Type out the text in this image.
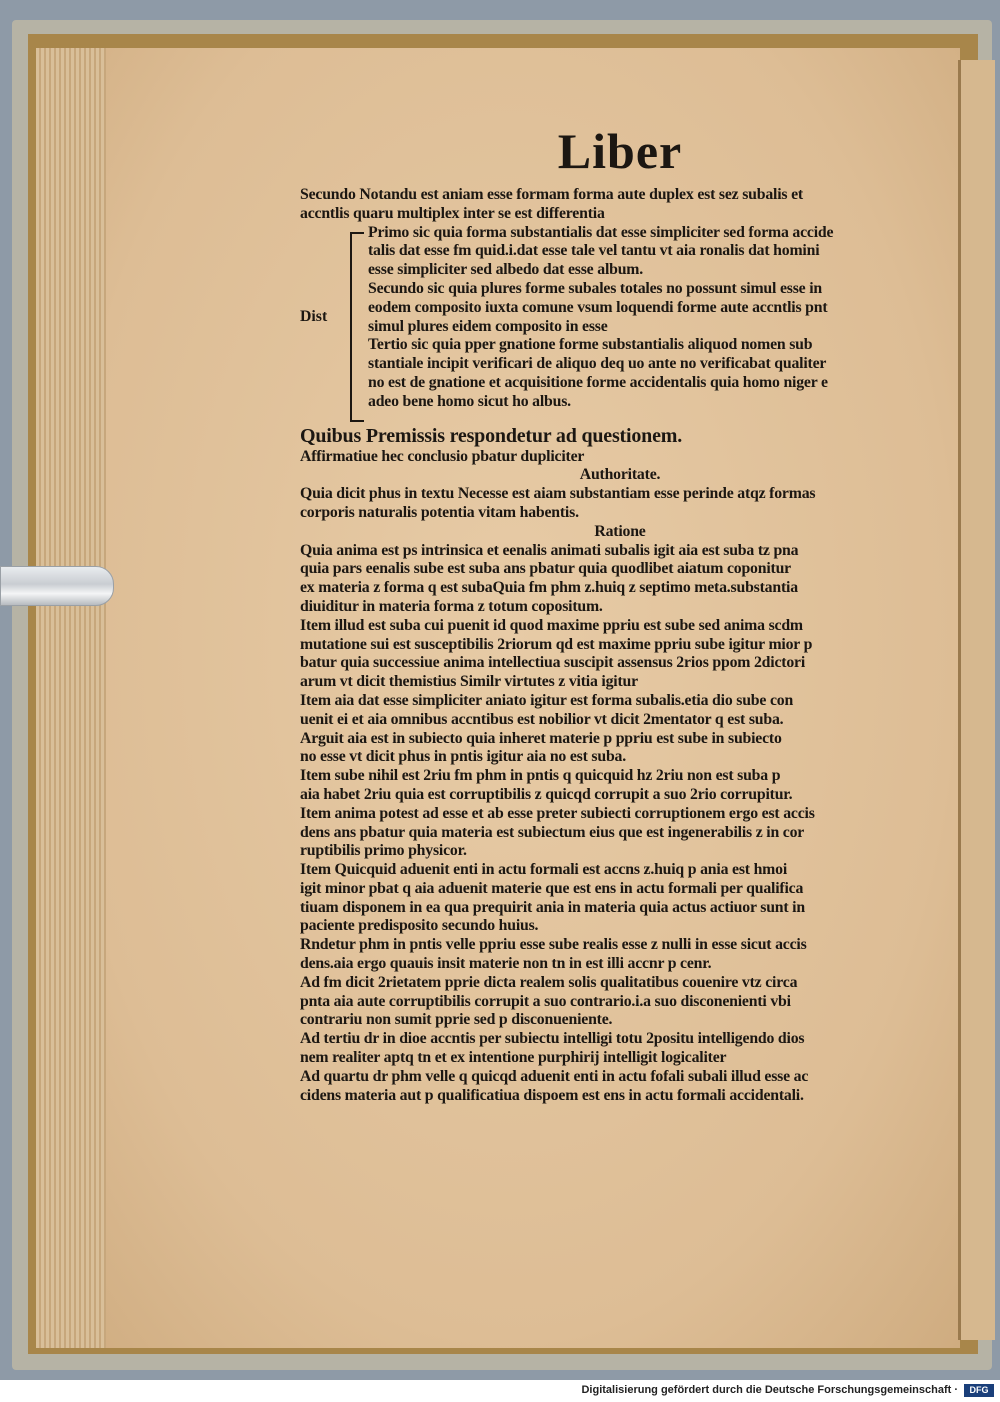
Liber
Dist
Secundo Notandu est aniam esse formam forma aute duplex est sez subalis et
accntlis quaru multiplex inter se est differentia
Primo sic quia forma substantialis dat esse simpliciter sed forma accide
talis dat esse fm quid.i.dat esse tale vel tantu vt aia ronalis dat homini
esse simpliciter sed albedo dat esse album.
Secundo sic quia plures forme subales totales no possunt simul esse in
eodem composito iuxta comune vsum loquendi forme aute accntlis pnt
simul plures eidem composito in esse
Tertio sic quia pper gnatione forme substantialis aliquod nomen sub
stantiale incipit verificari de aliquo deq uo ante no verificabat qualiter
no est de gnatione et acquisitione forme accidentalis quia homo niger e
adeo bene homo sicut ho albus.
Quibus Premissis respondetur ad questionem.
Affirmatiue hec conclusio pbatur dupliciter
Authoritate.
Quia dicit phus in textu Necesse est aiam substantiam esse perinde atqz formas
corporis naturalis potentia vitam habentis.
Ratione
Quia anima est ps intrinsica et eenalis animati subalis igit aia est suba tz pna
quia pars eenalis sube est suba ans pbatur quia quodlibet aiatum coponitur
ex materia z forma q est subaQuia fm phm z.huiq z septimo meta.substantia
diuiditur in materia forma z totum copositum.
Item illud est suba cui puenit id quod maxime ppriu est sube sed anima scdm
mutatione sui est susceptibilis 2riorum qd est maxime ppriu sube igitur mior p
batur quia successiue anima intellectiua suscipit assensus 2rios ppom 2dictori
arum vt dicit themistius Similr virtutes z vitia igitur
Item aia dat esse simpliciter aniato igitur est forma subalis.etia dio sube con
uenit ei et aia omnibus accntibus est nobilior vt dicit 2mentator q est suba.
Arguit aia est in subiecto quia inheret materie p ppriu est sube in subiecto
no esse vt dicit phus in pntis igitur aia no est suba.
Item sube nihil est 2riu fm phm in pntis q quicquid hz 2riu non est suba p
aia habet 2riu quia est corruptibilis z quicqd corrupit a suo 2rio corrupitur.
Item anima potest ad esse et ab esse preter subiecti corruptionem ergo est accis
dens ans pbatur quia materia est subiectum eius que est ingenerabilis z in cor
ruptibilis primo physicor.
Item Quicquid aduenit enti in actu formali est accns z.huiq p ania est hmoi
igit minor pbat q aia aduenit materie que est ens in actu formali per qualifica
tiuam disponem in ea qua prequirit ania in materia quia actus actiuor sunt in
paciente predisposito secundo huius.
Rndetur phm in pntis velle ppriu esse sube realis esse z nulli in esse sicut accis
dens.aia ergo quauis insit materie non tn in est illi accnr p cenr.
Ad fm dicit 2rietatem pprie dicta realem solis qualitatibus couenire vtz circa
pnta aia aute corruptibilis corrupit a suo contrario.i.a suo disconenienti vbi
contrariu non sumit pprie sed p disconueniente.
Ad tertiu dr in dioe accntis per subiectu intelligi totu 2positu intelligendo dios
nem realiter aptq tn et ex intentione purphirij intelligit logicaliter
Ad quartu dr phm velle q quicqd aduenit enti in actu fofali subali illud esse ac
cidens materia aut p qualificatiua dispoem est ens in actu formali accidentali.
Digitalisierung gefördert durch die Deutsche Forschungsgemeinschaft ·	DFG
